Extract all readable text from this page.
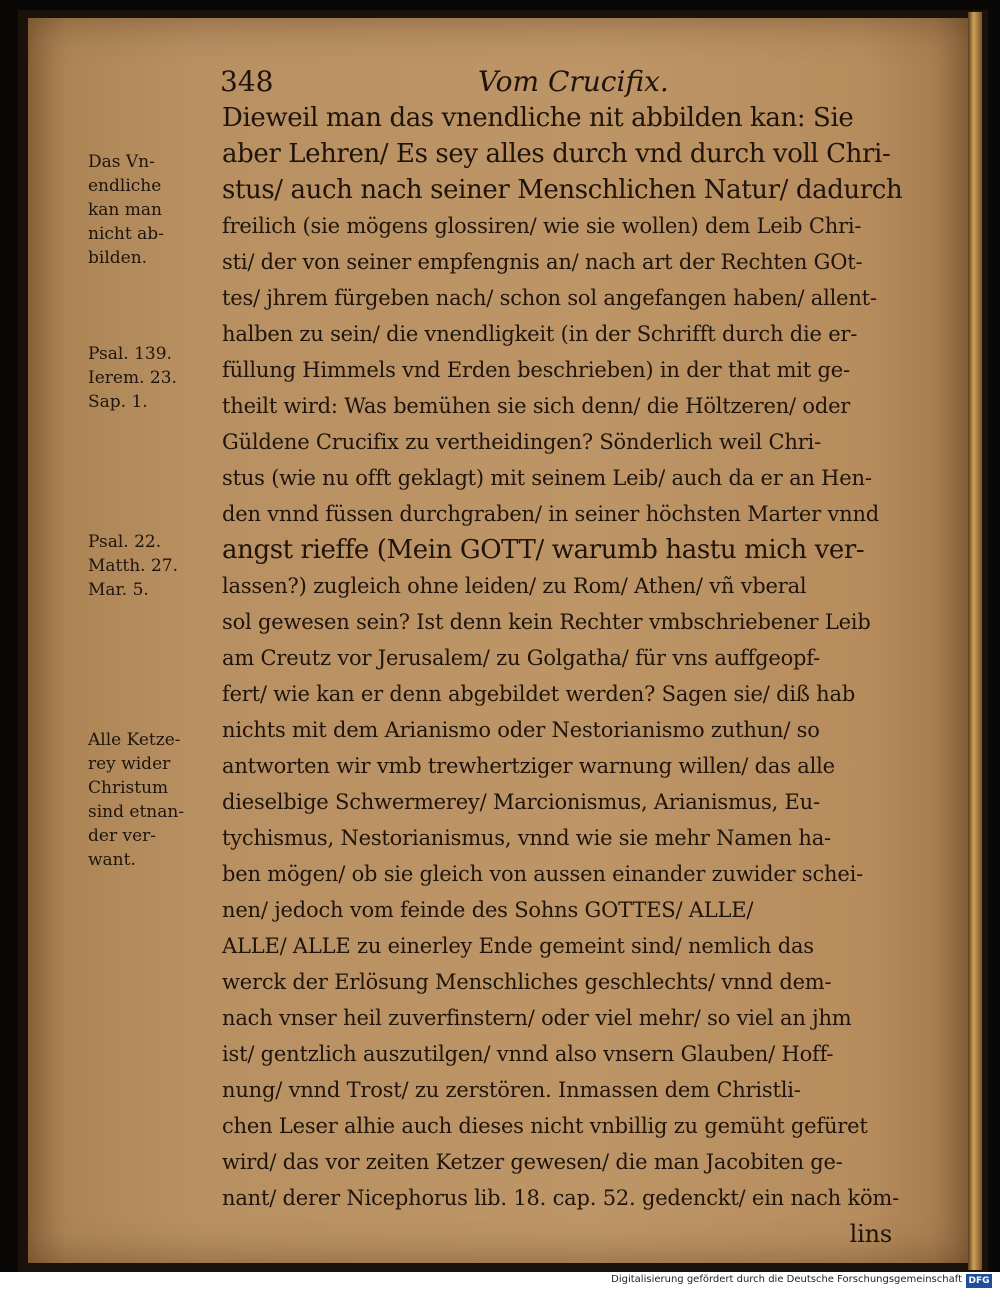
348	Vom Crucifix.
Das Vn-
endliche
kan man
nicht ab-
bilden.
Psal. 139.
Ierem. 23.
Sap. 1.
Psal. 22.
Matth. 27.
Mar. 5.
Alle Ketze-
rey wider
Christum
sind etnan-
der ver-
want.
Dieweil man das vnendliche nit abbilden kan: Sie
aber Lehren/ Es sey alles durch vnd durch voll Chri-
stus/ auch nach seiner Menschlichen Natur/ dadurch
freilich (sie mögens glossiren/ wie sie wollen) dem Leib Chri-
sti/ der von seiner empfengnis an/ nach art der Rechten GOt-
tes/ jhrem fürgeben nach/ schon sol angefangen haben/ allent-
halben zu sein/ die vnendligkeit (in der Schrifft durch die er-
füllung Himmels vnd Erden beschrieben) in der that mit ge-
theilt wird: Was bemühen sie sich denn/ die Höltzeren/ oder
Güldene Crucifix zu vertheidingen? Sönderlich weil Chri-
stus (wie nu offt geklagt) mit seinem Leib/ auch da er an Hen-
den vnnd füssen durchgraben/ in seiner höchsten Marter vnnd
angst rieffe (Mein GOTT/ warumb hastu mich ver-
lassen?) zugleich ohne leiden/ zu Rom/ Athen/ vñ vberal
sol gewesen sein? Ist denn kein Rechter vmbschriebener Leib
am Creutz vor Jerusalem/ zu Golgatha/ für vns auffgeopf-
fert/ wie kan er denn abgebildet werden? Sagen sie/ diß hab
nichts mit dem Arianismo oder Nestorianismo zuthun/ so
antworten wir vmb trewhertziger warnung willen/ das alle
dieselbige Schwermerey/ Marcionismus, Arianismus, Eu-
tychismus, Nestorianismus, vnnd wie sie mehr Namen ha-
ben mögen/ ob sie gleich von aussen einander zuwider schei-
nen/ jedoch vom feinde des Sohns GOTTES/ ALLE/
ALLE/ ALLE zu einerley Ende gemeint sind/ nemlich das
werck der Erlösung Menschliches geschlechts/ vnnd dem-
nach vnser heil zuverfinstern/ oder viel mehr/ so viel an jhm
ist/ gentzlich auszutilgen/ vnnd also vnsern Glauben/ Hoff-
nung/ vnnd Trost/ zu zerstören. Inmassen dem Christli-
chen Leser alhie auch dieses nicht vnbillig zu gemüht gefüret
wird/ das vor zeiten Ketzer gewesen/ die man Jacobiten ge-
nant/ derer Nicephorus lib. 18. cap. 52. gedenckt/ ein nach köm-
lins
Digitalisierung gefördert durch die Deutsche Forschungsgemeinschaft DFG
